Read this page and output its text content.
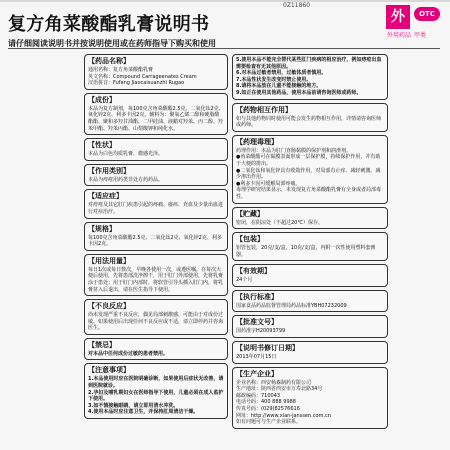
0Z11860
复方角菜酸酯乳膏说明书
请仔细阅读说明书并按说明使用或在药师指导下购买和使用
外	OTC
外用药品 甲类
【药品名称】

通用名称：复方角菜酸酯乳膏

英文名称：Compound Carrageenates Cream

汉语拼音：Fufang Jiaocaisuanzhi Rugao

【成份】

本品为复方制剂，每100克含角菜酸酯2.5克、二氧化钛2克、氧化锌2克、利多卡因2克。辅料为：聚氧乙烯二醇和硬脂酸酯酯、聚和多羟甘油酯、二甲硅油、液蜡对羟苯、丙二醇、羟苯甲酯、羟苯丙酯、山梨酸钾和纯化水。

【性状】

本品为白色均质乳膏，微感光泽。

【作用类别】

本品为痔疮用药类非处方药药品。

【适应症】

对痔疮及其它肛门疾患引起的疼痛、瘙痒、充血及少量出血进行对症治疗。

【规格】

每100克含角菜酸酯2.5克、二氧化钛2克、氧化锌2克、利多卡因2克。

【用法用量】

每日1次或每日数次，早晚各使用一次，或遵医嘱。在每次大便后使用，先将患部洗净擦干，用于肛门外部使用，先将乳膏涂于患处；用于肛门内部时，将软管引导头插入肛门内，将乳膏挤入后退出，请在医生指导下使用。

【不良反应】

尚未发现严重不良反应，偶见局部刺激感，可能由于对成份过敏。如果使用后出现任何不良反应或不适，请立即停药并咨询医生。

【禁忌】

对本品中任何成份过敏的患者禁用。

【注意事项】

1.本品使用时应在医院明确诊断，如果使用后症状无改善，请到医院就诊。

2.孕妇及哺乳期妇女在医师指导下使用，儿童必须在成人监护下使用。

3.如不慎接触眼睛，请立即用清水冲洗。

4.使用本品时应注意卫生，并保持肛周清洁干燥。

5.使用本品不能完全替代某些肛门疾病的相应治疗，例如痔疮出血需要检查有无其他原因。

6.对本品过敏者禁用，过敏体质者慎用。

7.本品性状发生改变时禁止使用。

8.请将本品放在儿童不能接触的地方。

9.如正在使用其他药品，使用本品前请咨询医师或药师。

【药物相互作用】

如与其他药物同时使用可能会发生药物相互作用，详情请咨询医师或药师。

【药理毒理】

药理作用：本品为肛门直肠黏膜的保护剂和润滑剂。

●角菜酸酯可在黏膜表面形成一层保护膜，持续保护作用，并有助于大便的排出。

●二氧化钛和氧化锌具有收敛作用，对局部有止痒、减轻刺激、减少渗出作用。

●利多卡因可缓解局部疼痛。

毒理学研究结果显示，未发现复方角菜酸酯乳膏有全身或者局部毒性。

【贮藏】

密闭，在阴凉处（不超过20℃）保存。

【包装】

铝管包装，20克/支/盒，10克/支/盒，内附一次性使用塑料套膏器。

【有效期】

24个月

【执行标准】

国家食品药品监督管理局药品标准YBH07232009

【批准文号】

国药准字H20093799

【说明书修订日期】

2013年07月15日

【生产企业】

企业名称：西安杨森制药有限公司

生产地址：陕西省西安市万寿北路34号

邮政编码：710043

电话号码：400 888 9988

传真号码：(029)82576616

网址：http://www.xian-janssen.com.cn

如有问题可与生产企业联系。
